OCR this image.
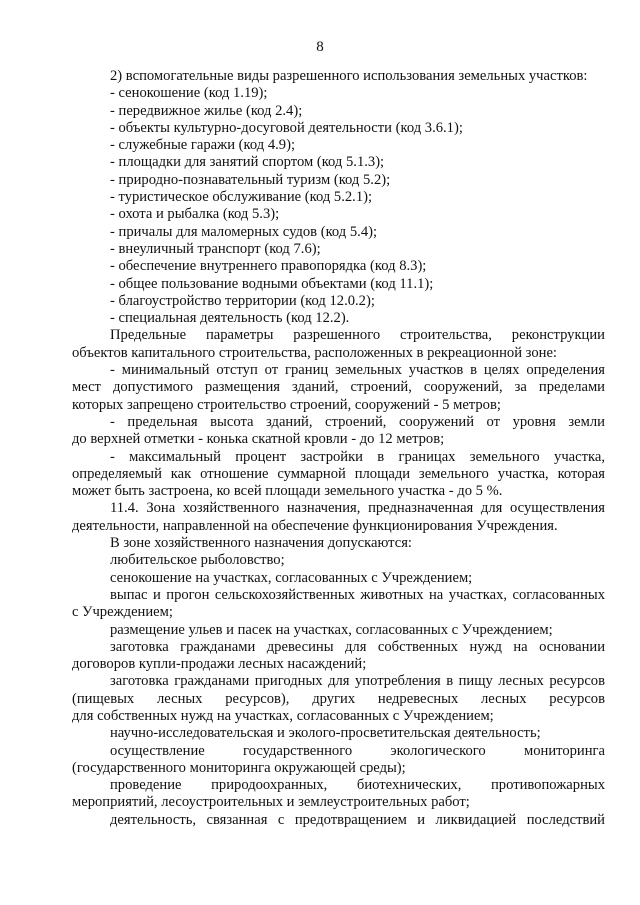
8
2) вспомогательные виды разрешенного использования земельных участков:
- сенокошение (код 1.19);
- передвижное жилье (код 2.4);
- объекты культурно-досуговой деятельности (код 3.6.1);
- служебные гаражи (код 4.9);
- площадки для занятий спортом (код 5.1.3);
- природно-познавательный туризм (код 5.2);
- туристическое обслуживание (код 5.2.1);
- охота и рыбалка (код 5.3);
- причалы для маломерных судов (код 5.4);
- внеуличный транспорт (код 7.6);
- обеспечение внутреннего правопорядка (код 8.3);
- общее пользование водными объектами (код 11.1);
- благоустройство территории (код 12.0.2);
- специальная деятельность (код 12.2).
Предельные параметры разрешенного строительства, реконструкции
объектов капитального строительства, расположенных в рекреационной зоне:
- минимальный отступ от границ земельных участков в целях определения
мест допустимого размещения зданий, строений, сооружений, за пределами
которых запрещено строительство строений, сооружений - 5 метров;
- предельная высота зданий, строений, сооружений от уровня земли
до верхней отметки - конька скатной кровли - до 12 метров;
- максимальный процент застройки в границах земельного участка,
определяемый как отношение суммарной площади земельного участка, которая
может быть застроена, ко всей площади земельного участка - до 5 %.
11.4. Зона хозяйственного назначения, предназначенная для осуществления
деятельности, направленной на обеспечение функционирования Учреждения.
В зоне хозяйственного назначения допускаются:
любительское рыболовство;
сенокошение на участках, согласованных с Учреждением;
выпас и прогон сельскохозяйственных животных на участках, согласованных
с Учреждением;
размещение ульев и пасек на участках, согласованных с Учреждением;
заготовка гражданами древесины для собственных нужд на основании
договоров купли-продажи лесных насаждений;
заготовка гражданами пригодных для употребления в пищу лесных ресурсов
(пищевых лесных ресурсов), других недревесных лесных ресурсов
для собственных нужд на участках, согласованных с Учреждением;
научно-исследовательская и эколого-просветительская деятельность;
осуществление государственного экологического мониторинга
(государственного мониторинга окружающей среды);
проведение природоохранных, биотехнических, противопожарных
мероприятий, лесоустроительных и землеустроительных работ;
деятельность, связанная с предотвращением и ликвидацией последствий
